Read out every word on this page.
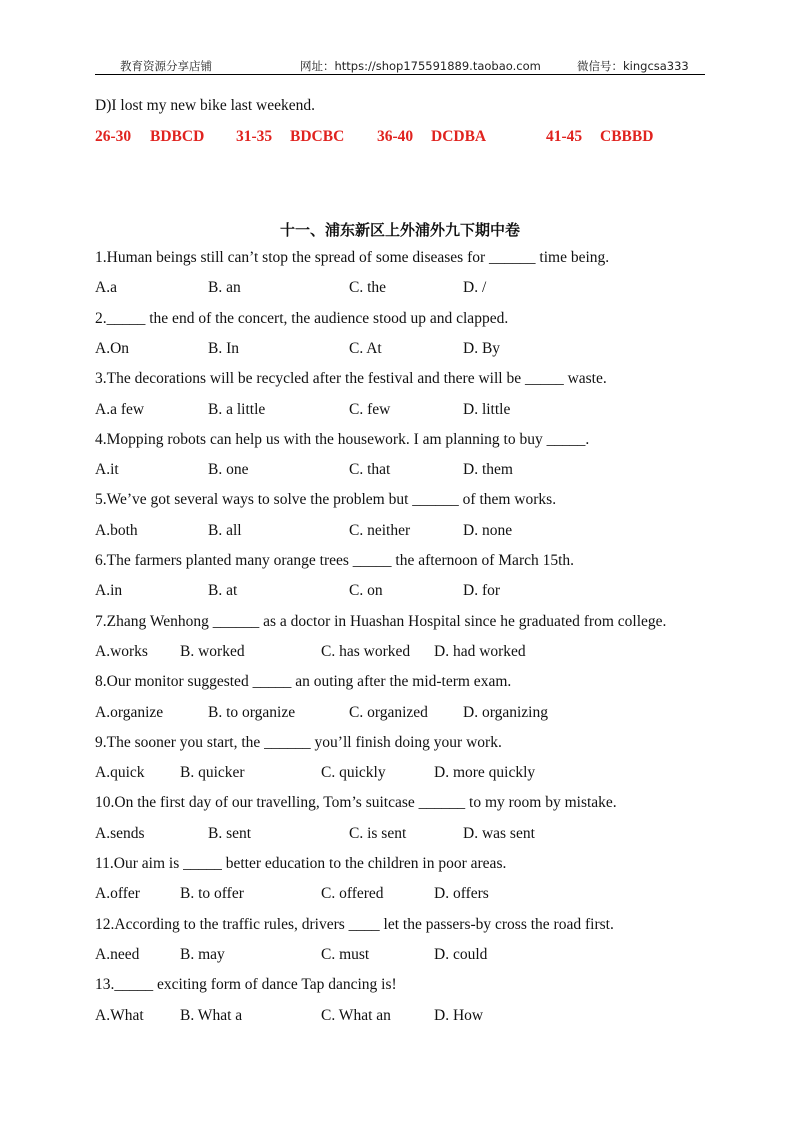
教育资源分享店铺	网址：https://shop175591889.taobao.com	微信号：kingcsa333
D)I lost my new bike last weekend.
26-30 BDBCD 31-35 BDCBC 36-40 DCDBA	41-45 CBBBD
十一、浦东新区上外浦外九下期中卷
1.Human beings still can’t stop the spread of some diseases for ______ time being.
A.a	B. an	C. the	D. /
2._____ the end of the concert, the audience stood up and clapped.
A.On	B. In	C. At	D. By
3.The decorations will be recycled after the festival and there will be _____ waste.
A.a few	B. a little	C. few	D. little
4.Mopping robots can help us with the housework. I am planning to buy _____.
A.it	B. one	C. that	D. them
5.We’ve got several ways to solve the problem but ______ of them works.
A.both	B. all	C. neither	D. none
6.The farmers planted many orange trees _____ the afternoon of March 15th.
A.in	B. at	C. on	D. for
7.Zhang Wenhong ______ as a doctor in Huashan Hospital since he graduated from college.
A.works B. worked	C. has worked D. had worked
8.Our monitor suggested _____ an outing after the mid-term exam.
A.organize	B. to organize	C. organized D. organizing
9.The sooner you start, the ______ you’ll finish doing your work.
A.quick B. quicker	C. quickly	D. more quickly
10.On the first day of our travelling, Tom’s suitcase ______ to my room by mistake.
A.sends	B. sent	C. is sent	D. was sent
11.Our aim is _____ better education to the children in poor areas.
A.offer	B. to offer	C. offered	D. offers
12.According to the traffic rules, drivers ____ let the passers-by cross the road first.
A.need	B. may	C. must	D. could
13._____ exciting form of dance Tap dancing is!
A.What B. What a	C. What an	D. How
